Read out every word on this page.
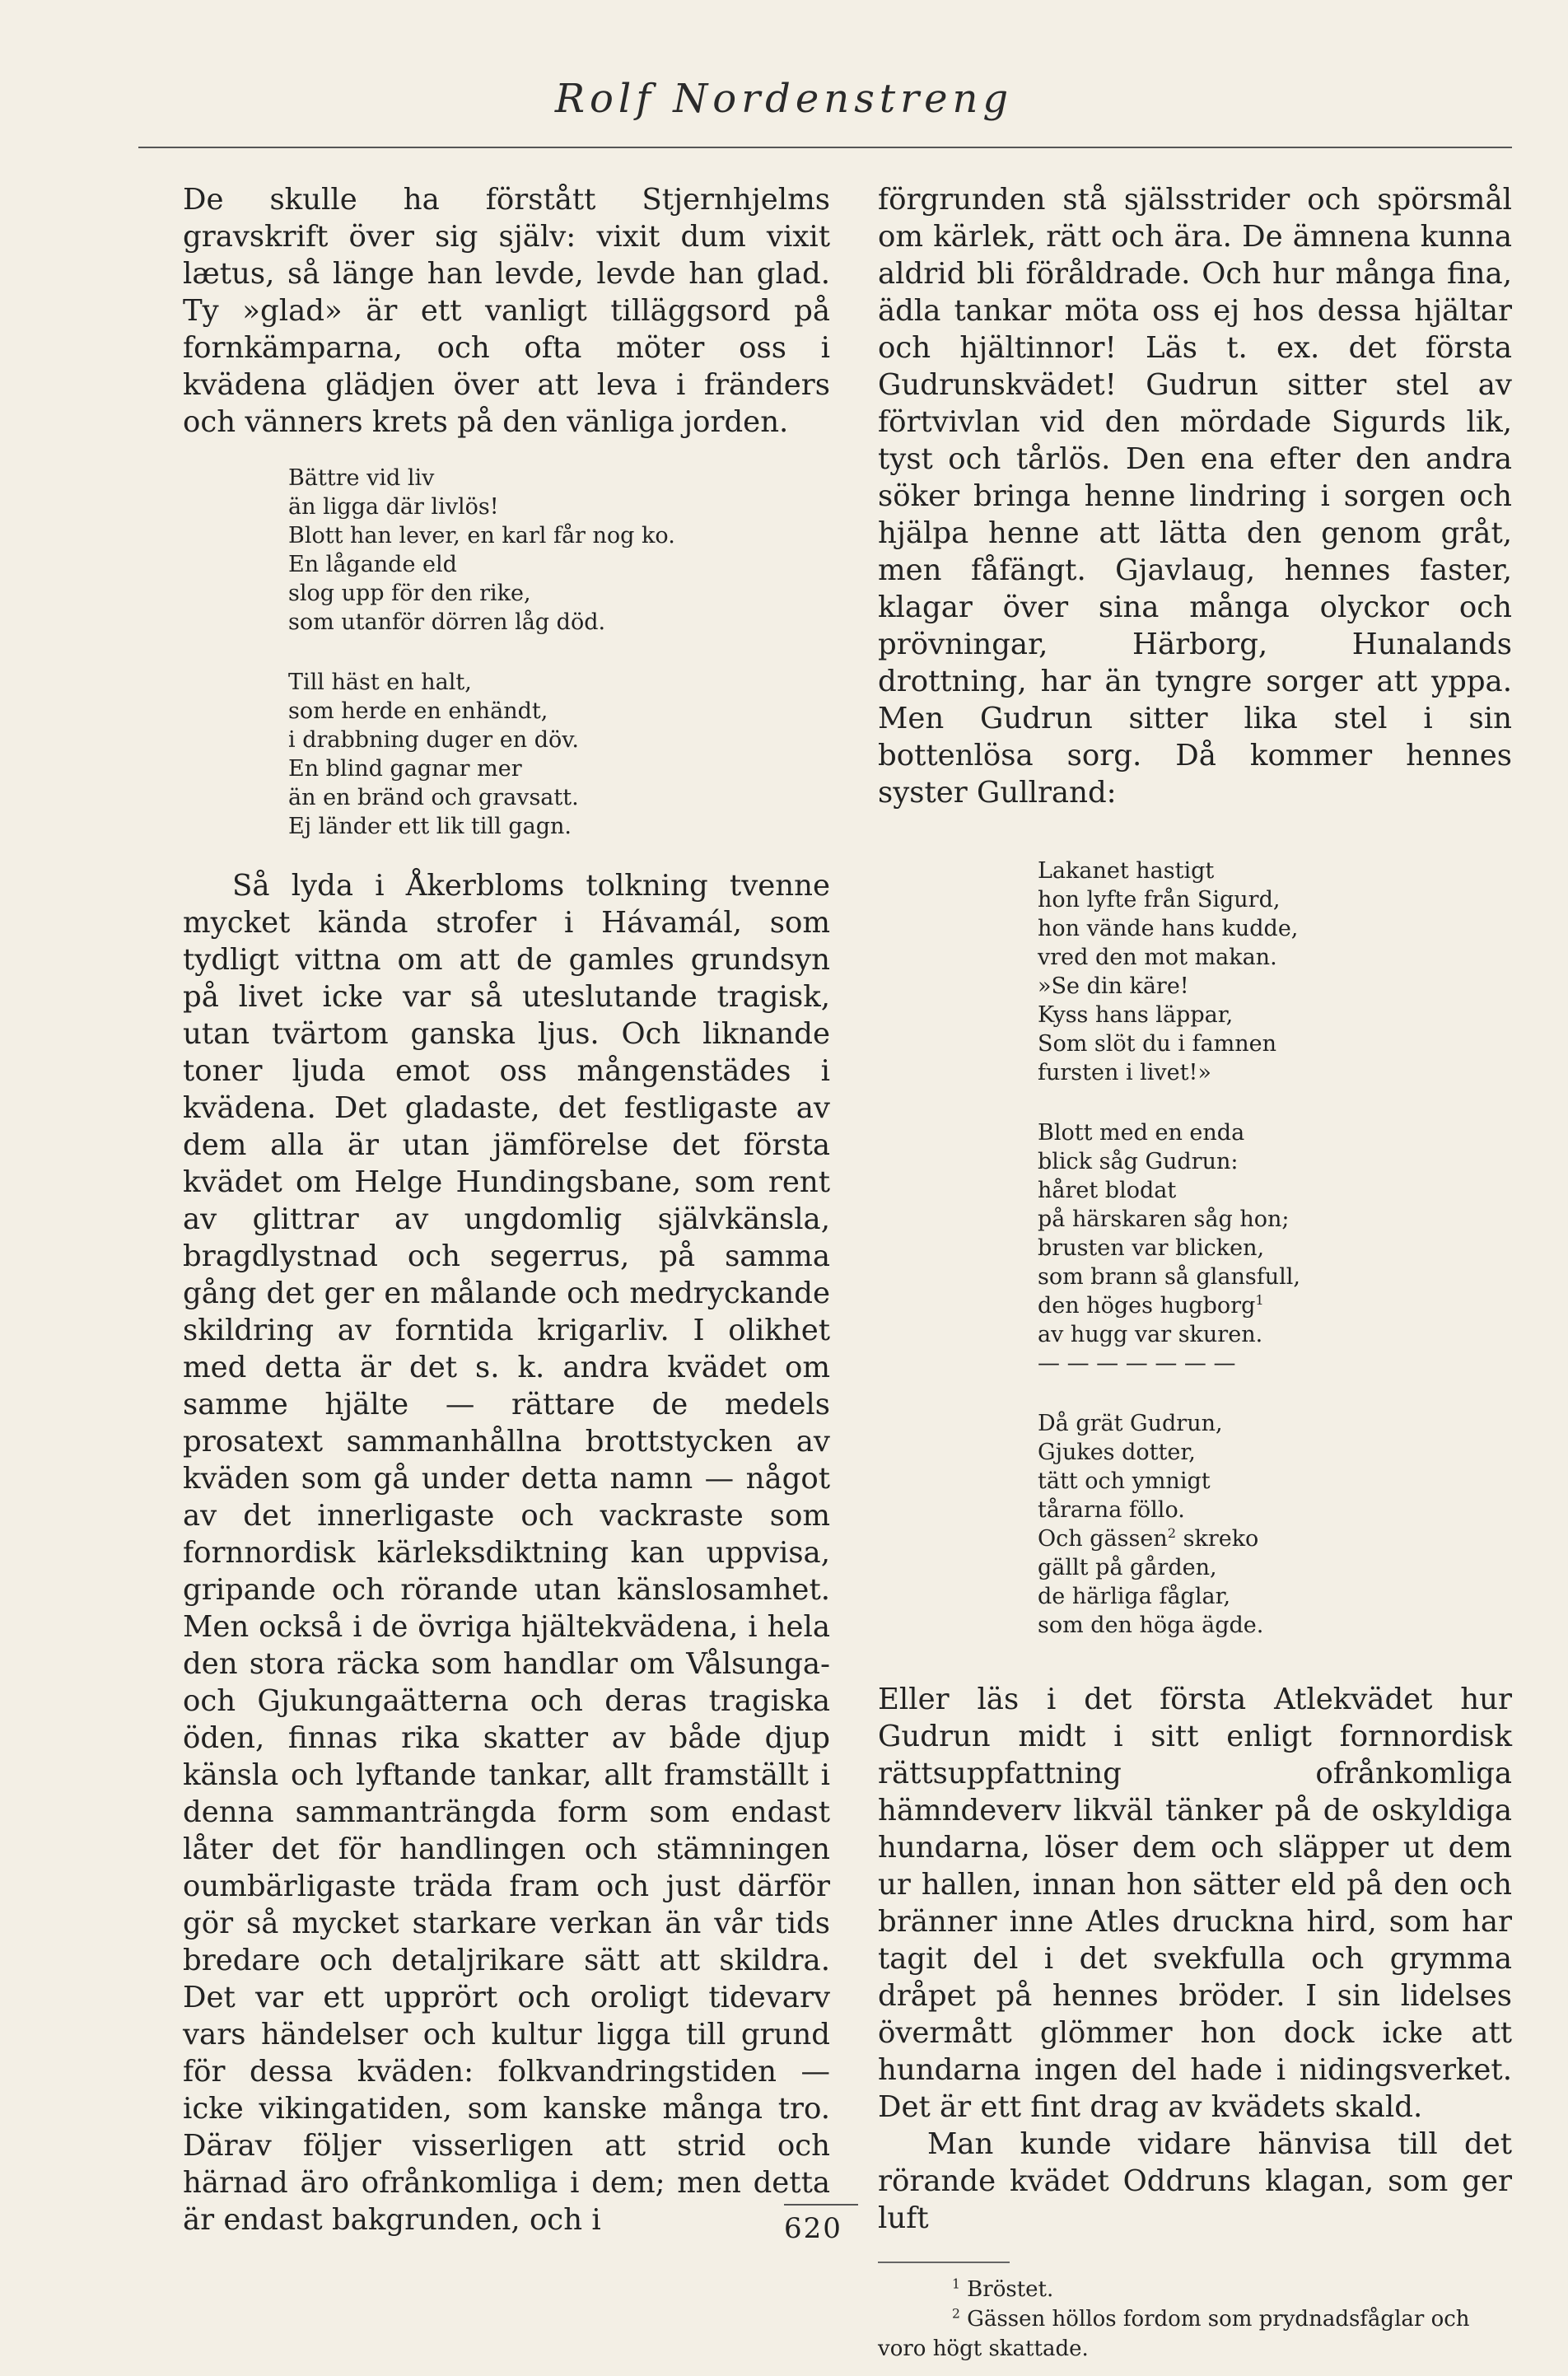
Rolf Nordenstreng

De skulle ha förstått Stjernhjelms gravskrift över sig själv: vixit dum vixit lætus, så länge han levde, levde han glad. Ty »glad» är ett vanligt tilläggsord på fornkämparna, och ofta möter oss i kvädena glädjen över att leva i fränders och vänners krets på den vänliga jorden.

Bättre vid liv
än ligga där livlös!
Blott han lever, en karl får nog ko.
En lågande eld
slog upp för den rike,
som utanför dörren låg död.
Till häst en halt,
som herde en enhändt,
i drabbning duger en döv.
En blind gagnar mer
än en bränd och gravsatt.
Ej länder ett lik till gagn.

Så lyda i Åkerbloms tolkning tvenne mycket kända strofer i Hávamál, som tydligt vittna om att de gamles grundsyn på livet icke var så uteslutande tragisk, utan tvärtom ganska ljus. Och liknande toner ljuda emot oss mångenstädes i kvädena. Det gladaste, det festligaste av dem alla är utan jämförelse det första kvädet om Helge Hundingsbane, som rent av glittrar av ungdomlig självkänsla, bragdlystnad och segerrus, på samma gång det ger en målande och medryckande skildring av forntida krigarliv. I olikhet med detta är det s. k. andra kvädet om samme hjälte — rättare de medels prosatext sammanhållna brottstycken av kväden som gå under detta namn — något av det innerligaste och vackraste som fornnordisk kärleksdiktning kan uppvisa, gripande och rörande utan känslosamhet. Men också i de övriga hjältekvädena, i hela den stora räcka som handlar om Vålsunga- och Gjukungaätterna och deras tragiska öden, finnas rika skatter av både djup känsla och lyftande tankar, allt framställt i denna sammanträngda form som endast låter det för handlingen och stämningen oumbärligaste träda fram och just därför gör så mycket starkare verkan än vår tids bredare och detaljrikare sätt att skildra. Det var ett upprört och oroligt tidevarv vars händelser och kultur ligga till grund för dessa kväden: folkvandringstiden — icke vikingatiden, som kanske många tro. Därav följer visserligen att strid och härnad äro ofrånkomliga i dem; men detta är endast bakgrunden, och i

förgrunden stå själsstrider och spörsmål om kärlek, rätt och ära. De ämnena kunna aldrid bli föråldrade. Och hur många fina, ädla tankar möta oss ej hos dessa hjältar och hjältinnor! Läs t. ex. det första Gudrunskvädet! Gudrun sitter stel av förtvivlan vid den mördade Sigurds lik, tyst och tårlös. Den ena efter den andra söker bringa henne lindring i sorgen och hjälpa henne att lätta den genom gråt, men fåfängt. Gjavlaug, hennes faster, klagar över sina många olyckor och prövningar, Härborg, Hunalands drottning, har än tyngre sorger att yppa. Men Gudrun sitter lika stel i sin bottenlösa sorg. Då kommer hennes syster Gullrand:

Lakanet hastigt
hon lyfte från Sigurd,
hon vände hans kudde,
vred den mot makan.
»Se din käre!
Kyss hans läppar,
Som slöt du i famnen
fursten i livet!»
Blott med en enda
blick såg Gudrun:
håret blodat
på härskaren såg hon;
brusten var blicken,
som brann så glansfull,
den höges hugborg$^1$
av hugg var skuren.
— — — — — — —
Då grät Gudrun,
Gjukes dotter,
tätt och ymnigt
tårarna föllo.
Och gässen$^2$ skreko
gällt på gården,
de härliga fåglar,
som den höga ägde.

Eller läs i det första Atlekvädet hur Gudrun midt i sitt enligt fornnordisk rättsuppfattning ofrånkomliga hämndeverv likväl tänker på de oskyldiga hundarna, löser dem och släpper ut dem ur hallen, innan hon sätter eld på den och bränner inne Atles druckna hird, som har tagit del i det svekfulla och grymma dråpet på hennes bröder. I sin lidelses övermått glömmer hon dock icke att hundarna ingen del hade i nidingsverket. Det är ett fint drag av kvädets skald.

Man kunde vidare hänvisa till det rörande kvädet Oddruns klagan, som ger luft

$^1$ Bröstet.
$^2$ Gässen höllos fordom som prydnadsfåglar och voro högt skattade.
620
